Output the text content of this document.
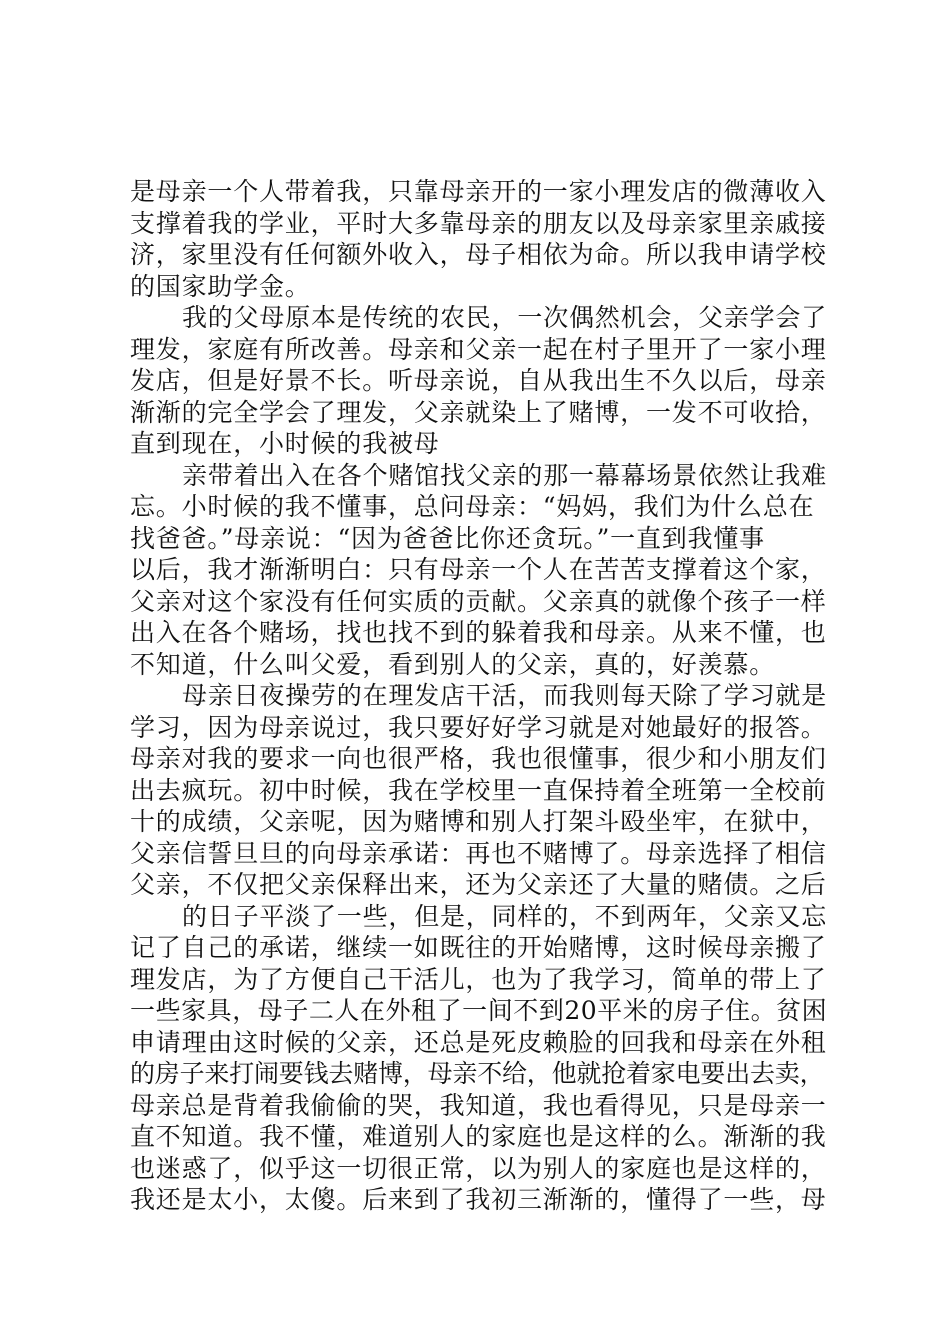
是母亲一个人带着我，只靠母亲开的一家小理发店的微薄收入
支撑着我的学业，平时大多靠母亲的朋友以及母亲家里亲戚接
济，家里没有任何额外收入，母子相依为命。所以我申请学校
的国家助学金。
我的父母原本是传统的农民，一次偶然机会，父亲学会了
理发，家庭有所改善。母亲和父亲一起在村子里开了一家小理
发店，但是好景不长。听母亲说，自从我出生不久以后，母亲
渐渐的完全学会了理发，父亲就染上了赌博，一发不可收拾，
直到现在，小时候的我被母
亲带着出入在各个赌馆找父亲的那一幕幕场景依然让我难
忘。小时候的我不懂事，总问母亲：“妈妈，我们为什么总在
找爸爸。”母亲说：“因为爸爸比你还贪玩。”一直到我懂事
以后，我才渐渐明白：只有母亲一个人在苦苦支撑着这个家，
父亲对这个家没有任何实质的贡献。父亲真的就像个孩子一样
出入在各个赌场，找也找不到的躲着我和母亲。从来不懂，也
不知道，什么叫父爱，看到别人的父亲，真的，好羡慕。
母亲日夜操劳的在理发店干活，而我则每天除了学习就是
学习，因为母亲说过，我只要好好学习就是对她最好的报答。
母亲对我的要求一向也很严格，我也很懂事，很少和小朋友们
出去疯玩。初中时候，我在学校里一直保持着全班第一全校前
十的成绩，父亲呢，因为赌博和别人打架斗殴坐牢，在狱中，
父亲信誓旦旦的向母亲承诺：再也不赌博了。母亲选择了相信
父亲，不仅把父亲保释出来，还为父亲还了大量的赌债。之后
的日子平淡了一些，但是，同样的，不到两年，父亲又忘
记了自己的承诺，继续一如既往的开始赌博，这时候母亲搬了
理发店，为了方便自己干活儿，也为了我学习，简单的带上了
一些家具，母子二人在外租了一间不到20平米的房子住。贫困
申请理由这时候的父亲，还总是死皮赖脸的回我和母亲在外租
的房子来打闹要钱去赌博，母亲不给，他就抢着家电要出去卖，
母亲总是背着我偷偷的哭，我知道，我也看得见，只是母亲一
直不知道。我不懂，难道别人的家庭也是这样的么。渐渐的我
也迷惑了，似乎这一切很正常，以为别人的家庭也是这样的，
我还是太小，太傻。后来到了我初三渐渐的，懂得了一些，母
